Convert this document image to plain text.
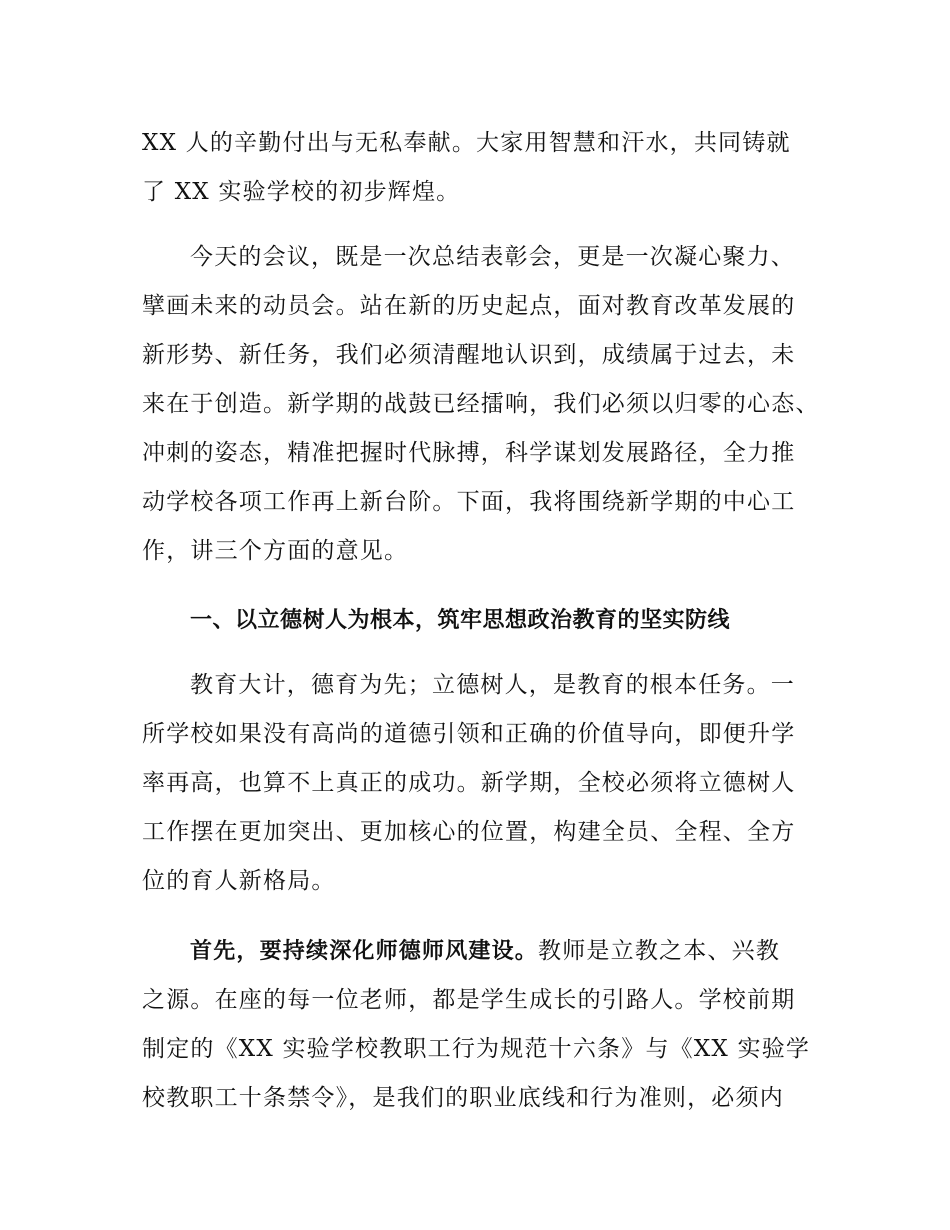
XX 人的辛勤付出与无私奉献。大家用智慧和汗水，共同铸就
了 XX 实验学校的初步辉煌。
今天的会议，既是一次总结表彰会，更是一次凝心聚力、
擘画未来的动员会。站在新的历史起点，面对教育改革发展的
新形势、新任务，我们必须清醒地认识到，成绩属于过去，未
来在于创造。新学期的战鼓已经擂响，我们必须以归零的心态、
冲刺的姿态，精准把握时代脉搏，科学谋划发展路径，全力推
动学校各项工作再上新台阶。下面，我将围绕新学期的中心工
作，讲三个方面的意见。
一、以立德树人为根本，筑牢思想政治教育的坚实防线
教育大计，德育为先；立德树人，是教育的根本任务。一
所学校如果没有高尚的道德引领和正确的价值导向，即便升学
率再高，也算不上真正的成功。新学期，全校必须将立德树人
工作摆在更加突出、更加核心的位置，构建全员、全程、全方
位的育人新格局。
首先，要持续深化师德师风建设。教师是立教之本、兴教
之源。在座的每一位老师，都是学生成长的引路人。学校前期
制定的《XX 实验学校教职工行为规范十六条》与《XX 实验学
校教职工十条禁令》，是我们的职业底线和行为准则，必须内
